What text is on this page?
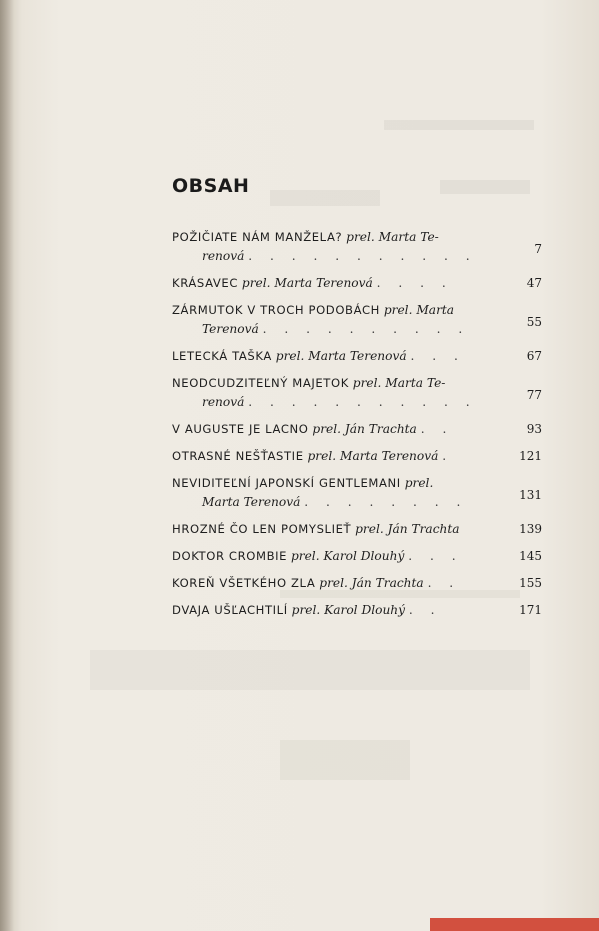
OBSAH
POŽIČIATE NÁM MANŽELA? prel. Marta Te-
renová . . . . . . . . . . .	7
KRÁSAVEC prel. Marta Terenová . . . .	47
ZÁRMUTOK V TROCH PODOBÁCH prel. Marta
Terenová . . . . . . . . . .	55
LETECKÁ TAŠKA prel. Marta Terenová . . .	67
NEODCUDZITEĽNÝ MAJETOK prel. Marta Te-
renová . . . . . . . . . . .	77
V AUGUSTE JE LACNO prel. Ján Trachta . .	93
OTRASNÉ NEŠŤASTIE prel. Marta Terenová .	121
NEVIDITEĽNÍ JAPONSKÍ GENTLEMANI prel.
Marta Terenová . . . . . . . .	131
HROZNÉ ČO LEN POMYSLIEŤ prel. Ján Trachta	139
DOKTOR CROMBIE prel. Karol Dlouhý . . .	145
KOREŇ VŠETKÉHO ZLA prel. Ján Trachta . .	155
DVAJA UŠĽACHTILÍ prel. Karol Dlouhý . .	171
